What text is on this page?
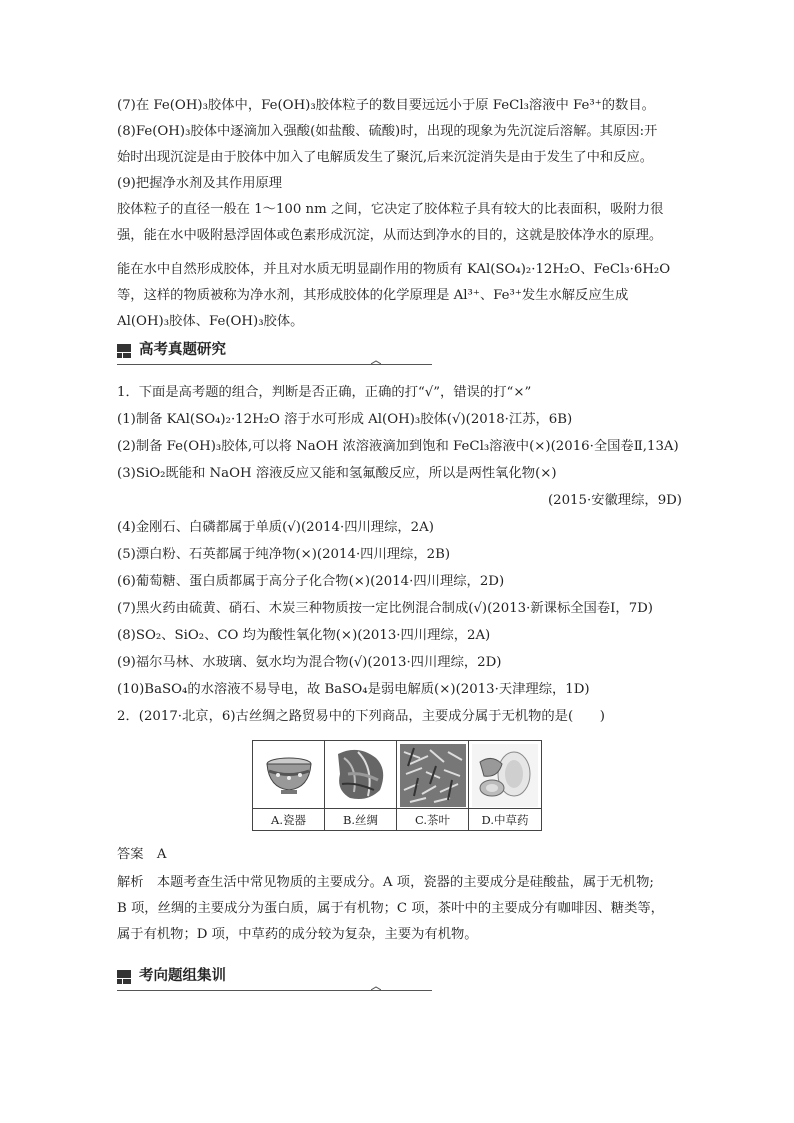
(7)在 Fe(OH)₃胶体中，Fe(OH)₃胶体粒子的数目要远远小于原 FeCl₃溶液中 Fe³⁺的数目。
(8)Fe(OH)₃胶体中逐滴加入强酸(如盐酸、硫酸)时，出现的现象为先沉淀后溶解。其原因:开
始时出现沉淀是由于胶体中加入了电解质发生了聚沉,后来沉淀消失是由于发生了中和反应。
(9)把握净水剂及其作用原理
胶体粒子的直径一般在 1～100 nm 之间，它决定了胶体粒子具有较大的比表面积，吸附力很
强，能在水中吸附悬浮固体或色素形成沉淀，从而达到净水的目的，这就是胶体净水的原理。
能在水中自然形成胶体，并且对水质无明显副作用的物质有 KAl(SO₄)₂·12H₂O、FeCl₃·6H₂O
等，这样的物质被称为净水剂，其形成胶体的化学原理是 Al³⁺、Fe³⁺发生水解反应生成
Al(OH)₃胶体、Fe(OH)₃胶体。
高考真题研究
1．下面是高考题的组合，判断是否正确，正确的打“√”，错误的打“×”
(1)制备 KAl(SO₄)₂·12H₂O 溶于水可形成 Al(OH)₃胶体(√)(2018·江苏，6B)
(2)制备 Fe(OH)₃胶体,可以将 NaOH 浓溶液滴加到饱和 FeCl₃溶液中(×)(2016·全国卷Ⅱ,13A)
(3)SiO₂既能和 NaOH 溶液反应又能和氢氟酸反应，所以是两性氧化物(×)
(2015·安徽理综，9D)
(4)金刚石、白磷都属于单质(√)(2014·四川理综，2A)
(5)漂白粉、石英都属于纯净物(×)(2014·四川理综，2B)
(6)葡萄糖、蛋白质都属于高分子化合物(×)(2014·四川理综，2D)
(7)黑火药由硫黄、硝石、木炭三种物质按一定比例混合制成(√)(2013·新课标全国卷Ⅰ，7D)
(8)SO₂、SiO₂、CO 均为酸性氧化物(×)(2013·四川理综，2A)
(9)福尔马林、水玻璃、氨水均为混合物(√)(2013·四川理综，2D)
(10)BaSO₄的水溶液不易导电，故 BaSO₄是弱电解质(×)(2013·天津理综，1D)
2．(2017·北京，6)古丝绸之路贸易中的下列商品，主要成分属于无机物的是(　　)
A.瓷器	B.丝绸	C.茶叶	D.中草药
答案　A
解析　本题考查生活中常见物质的主要成分。A 项，瓷器的主要成分是硅酸盐，属于无机物;
B 项，丝绸的主要成分为蛋白质，属于有机物；C 项，茶叶中的主要成分有咖啡因、糖类等，
属于有机物；D 项，中草药的成分较为复杂，主要为有机物。
考向题组集训
